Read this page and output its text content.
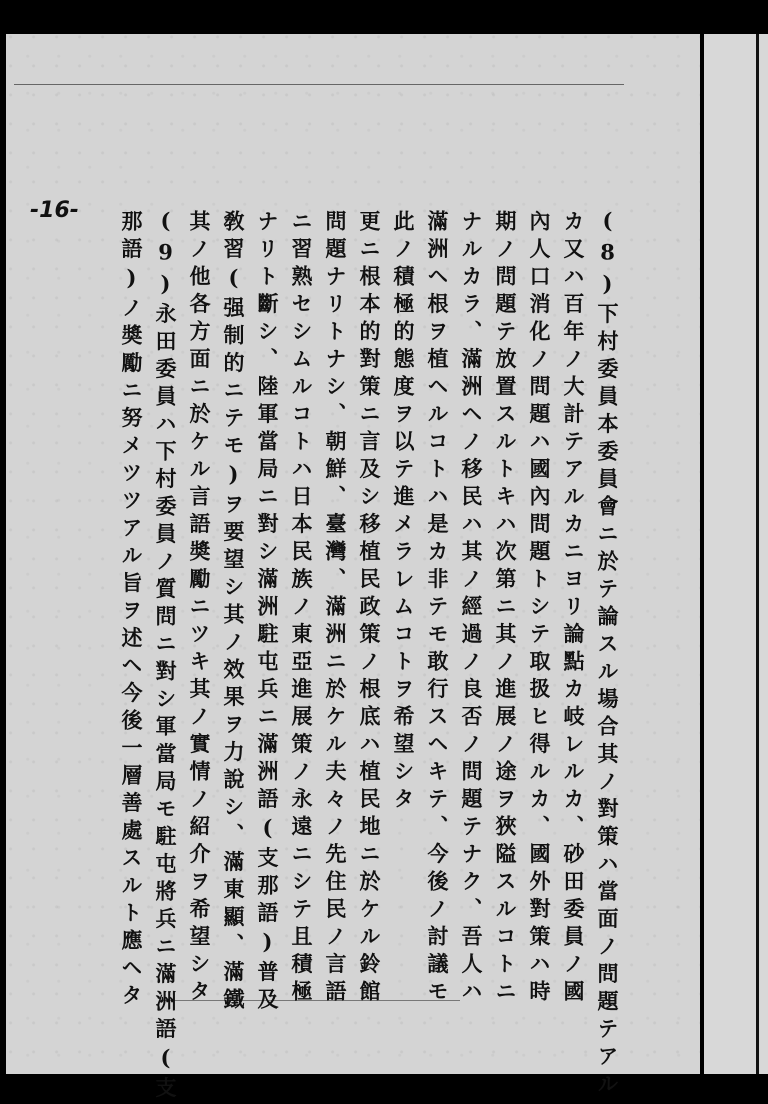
-16-	(8)下村委員本委員會ニ於テ論スル場合其ノ對策ハ當面ノ問題テアル
カ又ハ百年ノ大計テアルカニヨリ論點カ岐レルカ、砂田委員ノ國
內人口消化ノ問題ハ國內問題トシテ取扱ヒ得ルカ、國外對策ハ時
期ノ問題テ放置スルトキハ次第ニ其ノ進展ノ途ヲ狹隘スルコトニ
ナルカラ、滿洲ヘノ移民ハ其ノ經過ノ良否ノ問題テナク、吾人ハ
滿洲ヘ根ヲ植ヘルコトハ是カ非テモ敢行スヘキテ、今後ノ討議モ
此ノ積極的態度ヲ以テ進メラレムコトヲ希望シタ
更ニ根本的對策ニ言及シ移植民政策ノ根底ハ植民地ニ於ケル鈴館
問題ナリトナシ、朝鮮、臺灣、滿洲ニ於ケル夫々ノ先住民ノ言語
ニ習熟セシムルコトハ日本民族ノ東亞進展策ノ永遠ニシテ且積極
ナリト斷シ、陸軍當局ニ對シ滿洲駐屯兵ニ滿洲語(支那語)普及
敎習(强制的ニテモ)ヲ要望シ其ノ效果ヲ力說シ、滿東顯、滿鐵
其ノ他各方面ニ於ケル言語奬勵ニツキ其ノ實情ノ紹介ヲ希望シタ
(9)永田委員ハ下村委員ノ質問ニ對シ軍當局モ駐屯將兵ニ滿洲語(支
那語)ノ奬勵ニ努メツツアル旨ヲ述ヘ今後一層善處スルト應ヘタ
